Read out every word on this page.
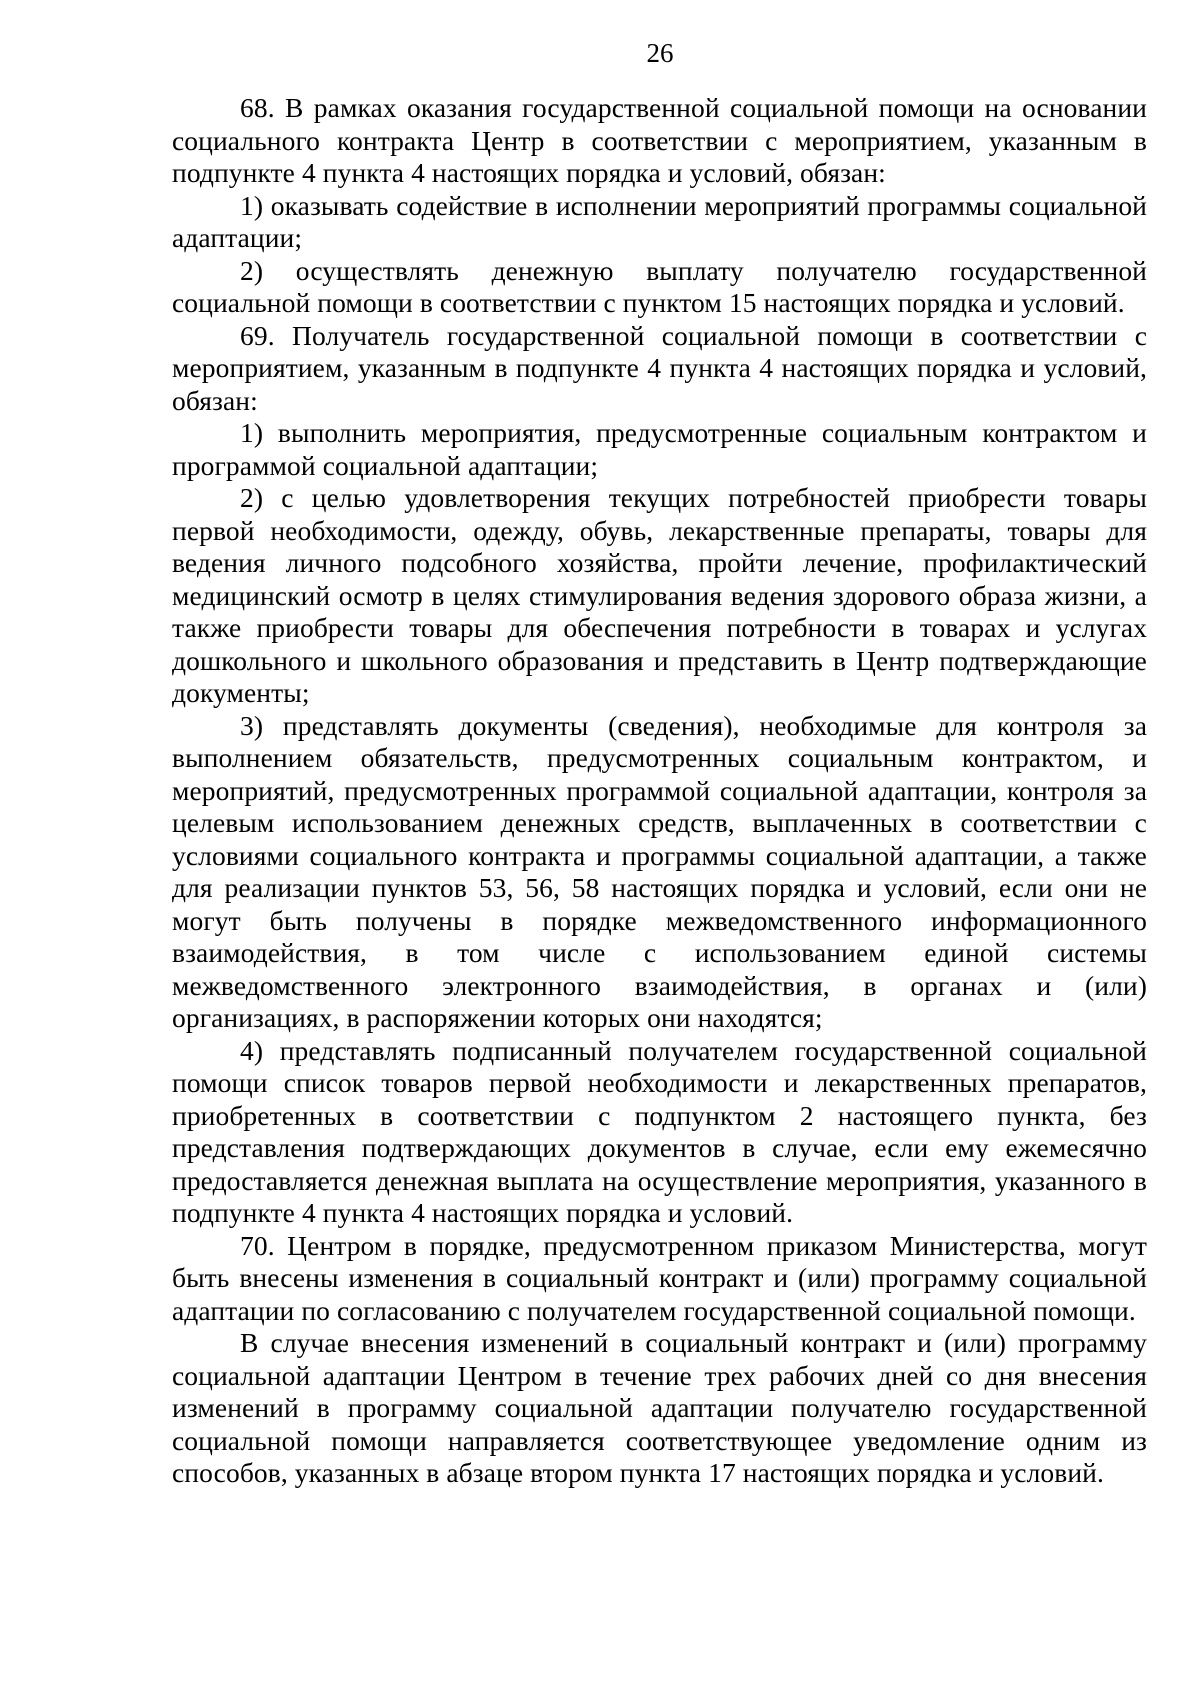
26

68. В рамках оказания государственной социальной помощи на основании социального контракта Центр в соответствии с мероприятием, указанным в подпункте 4 пункта 4 настоящих порядка и условий, обязан:

1) оказывать содействие в исполнении мероприятий программы социальной адаптации;

2) осуществлять денежную выплату получателю государственной социальной помощи в соответствии с пунктом 15 настоящих порядка и условий.

69. Получатель государственной социальной помощи в соответствии с мероприятием, указанным в подпункте 4 пункта 4 настоящих порядка и условий, обязан:

1) выполнить мероприятия, предусмотренные социальным контрактом и программой социальной адаптации;

2) с целью удовлетворения текущих потребностей приобрести товары первой необходимости, одежду, обувь, лекарственные препараты, товары для ведения личного подсобного хозяйства, пройти лечение, профилактический медицинский осмотр в целях стимулирования ведения здорового образа жизни, а также приобрести товары для обеспечения потребности в товарах и услугах дошкольного и школьного образования и представить в Центр подтверждающие документы;

3) представлять документы (сведения), необходимые для контроля за выполнением обязательств, предусмотренных социальным контрактом, и мероприятий, предусмотренных программой социальной адаптации, контроля за целевым использованием денежных средств, выплаченных в соответствии с условиями социального контракта и программы социальной адаптации, а также для реализации пунктов 53, 56, 58 настоящих порядка и условий, если они не могут быть получены в порядке межведомственного информационного взаимодействия, в том числе с использованием единой системы межведомственного электронного взаимодействия, в органах и (или) организациях, в распоряжении которых они находятся;

4) представлять подписанный получателем государственной социальной помощи список товаров первой необходимости и лекарственных препаратов, приобретенных в соответствии с подпунктом 2 настоящего пункта, без представления подтверждающих документов в случае, если ему ежемесячно предоставляется денежная выплата на осуществление мероприятия, указанного в подпункте 4 пункта 4 настоящих порядка и условий.

70. Центром в порядке, предусмотренном приказом Министерства, могут быть внесены изменения в социальный контракт и (или) программу социальной адаптации по согласованию с получателем государственной социальной помощи.

В случае внесения изменений в социальный контракт и (или) программу социальной адаптации Центром в течение трех рабочих дней со дня внесения изменений в программу социальной адаптации получателю государственной социальной помощи направляется соответствующее уведомление одним из способов, указанных в абзаце втором пункта 17 настоящих порядка и условий.
